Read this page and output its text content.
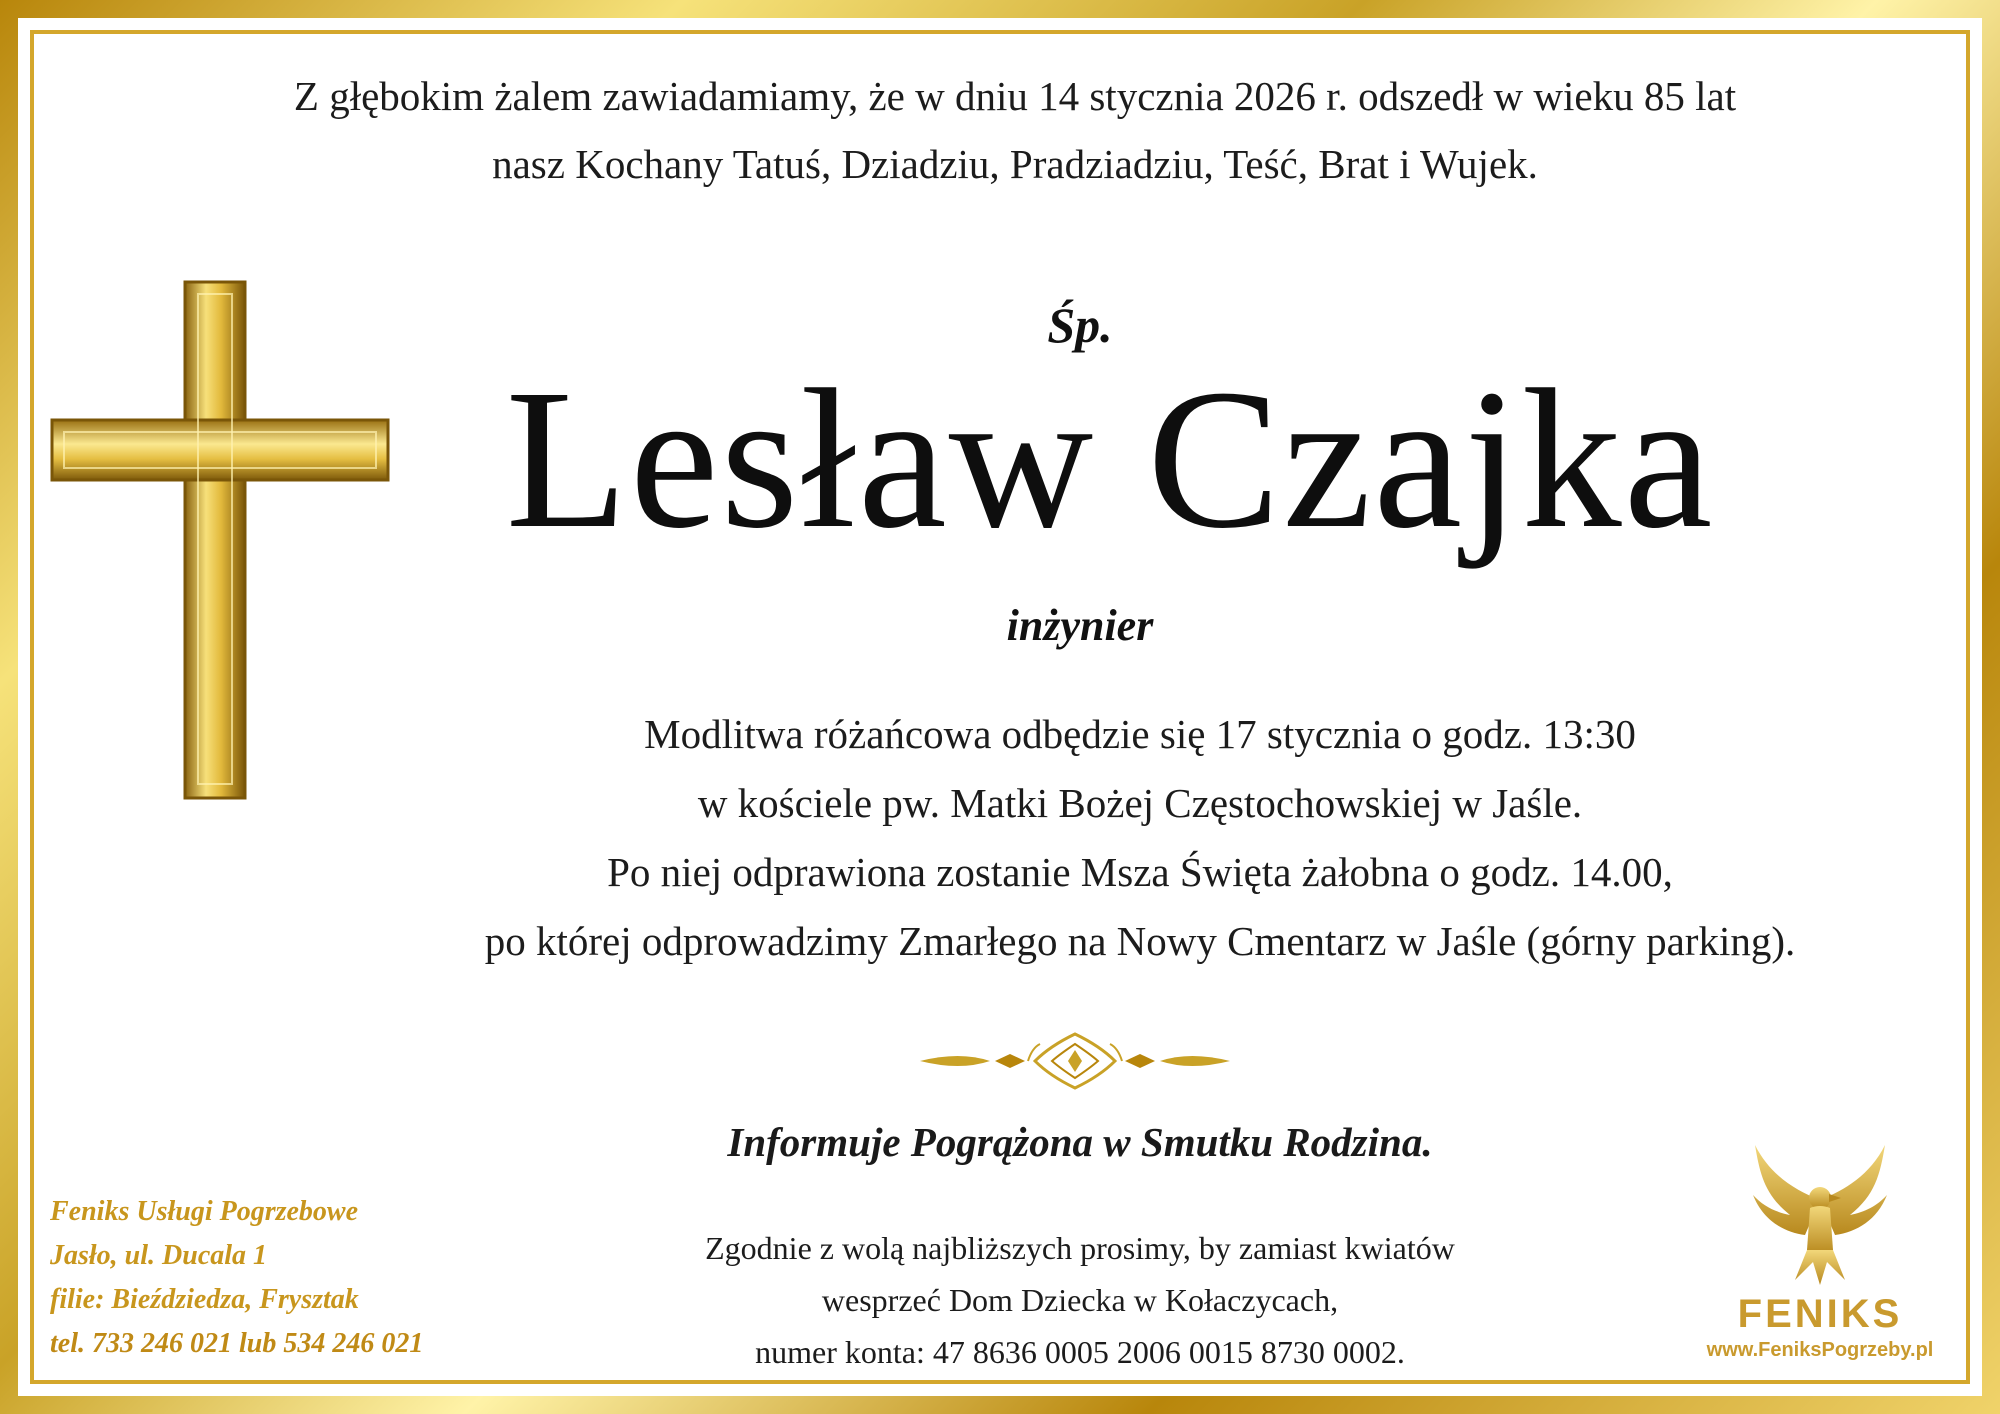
Z głębokim żalem zawiadamiamy, że w dniu 14 stycznia 2026 r. odszedł w wieku 85 lat
nasz Kochany Tatuś, Dziadziu, Pradziadziu, Teść, Brat i Wujek.
Śp.
Lesław Czajka
inżynier
Modlitwa różańcowa odbędzie się 17 stycznia o godz. 13:30
w kościele pw. Matki Bożej Częstochowskiej w Jaśle.
Po niej odprawiona zostanie Msza Święta żałobna o godz. 14.00,
po której odprowadzimy Zmarłego na Nowy Cmentarz w Jaśle (górny parking).
Informuje Pogrążona w Smutku Rodzina.
Zgodnie z wolą najbliższych prosimy, by zamiast kwiatów
wesprzeć Dom Dziecka w Kołaczycach,
numer konta: 47 8636 0005 2006 0015 8730 0002.
Feniks Usługi Pogrzebowe
Jasło, ul. Ducala 1
filie: Bieździedza, Frysztak
tel. 733 246 021 lub 534 246 021
FENIKS
www.FeniksPogrzeby.pl
